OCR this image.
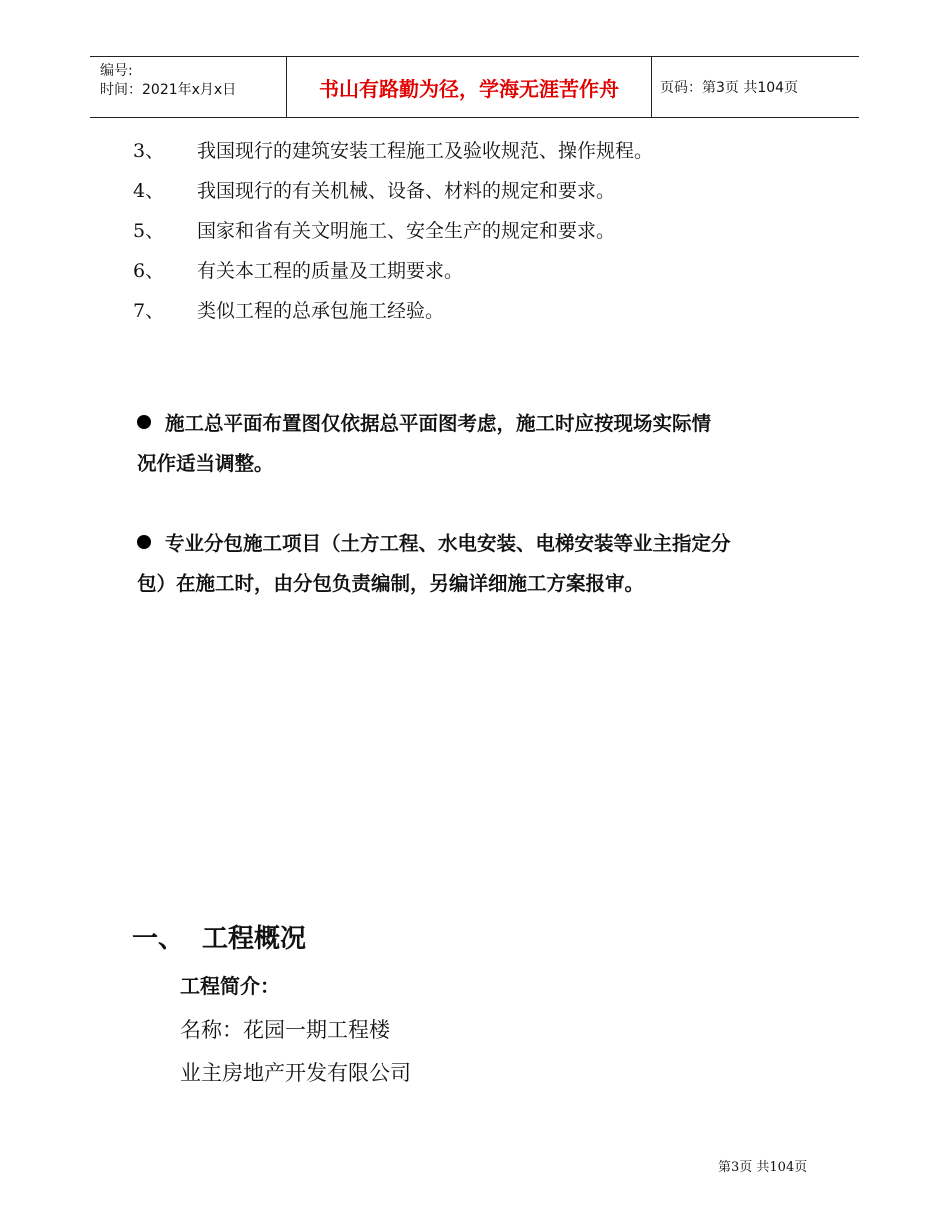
编号:
时间：2021年x月x日	书山有路勤为径，学海无涯苦作舟	页码：第3页 共104页
3、 我国现行的建筑安装工程施工及验收规范、操作规程。
4、 我国现行的有关机械、设备、材料的规定和要求。
5、 国家和省有关文明施工、安全生产的规定和要求。
6、 有关本工程的质量及工期要求。
7、 类似工程的总承包施工经验。
施工总平面布置图仅依据总平面图考虑，施工时应按现场实际情
况作适当调整。
专业分包施工项目（土方工程、水电安装、电梯安装等业主指定分
包）在施工时，由分包负责编制，另编详细施工方案报审。
一、 工程概况
工程简介：
名称：花园一期工程楼
业主房地产开发有限公司
第3页 共104页
